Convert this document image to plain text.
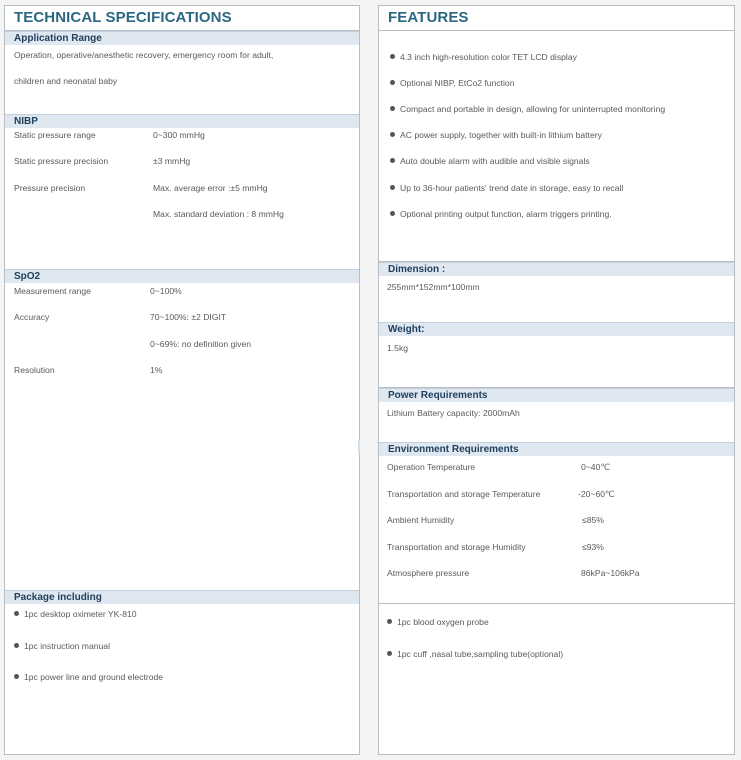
TECHNICAL SPECIFICATIONS
Application Range
Operation, operative/anesthetic recovery, emergency room for adult,
children and neonatal baby
NIBP
Static pressure range	0~300 mmHg
Static pressure precision	±3 mmHg
Pressure precision	Max. average error :±5 mmHg
Max. standard deviation : 8 mmHg
SpO2
Measurement range	0~100%
Accuracy	70~100%: ±2 DIGIT
0~69%: no definition given
Resolution	1%
Package including
1pc desktop oximeter YK-810
1pc instruction manual
1pc power line and ground electrode
FEATURES
4.3 inch high-resolution color TET LCD display
Optional NIBP, EtCo2 function
Compact and portable in design, allowing for uninterrupted monitoring
AC power supply, together with built-in lithium battery
Auto double alarm with audible and visible signals
Up to 36-hour patients' trend date in storage, easy to recall
Optional printing output function, alarm triggers printing.
Dimension :
255mm*152mm*100mm
Weight:
1.5kg
Power Requirements
Lithium Battery capacity: 2000mAh
Environment Requirements
Operation Temperature	0~40℃
Transportation and storage Temperature	-20~60℃
Ambient Humidity	≤85%
Transportation and storage Humidity	≤93%
Atmosphere pressure	86kPa~106kPa
1pc blood oxygen probe
1pc cuff ,nasal tube,sampling tube(optional)
